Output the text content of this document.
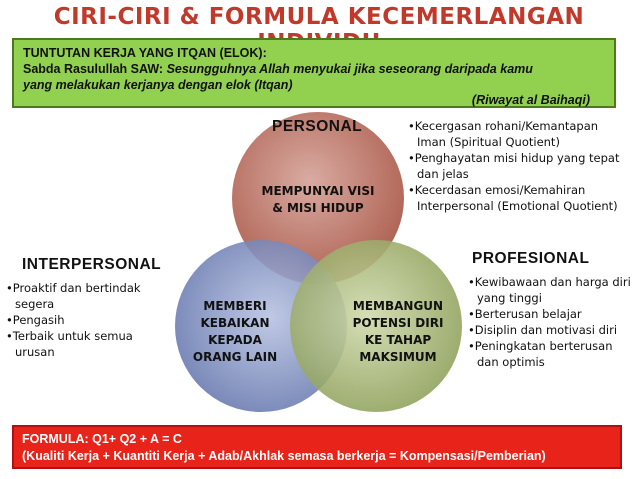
CIRI-CIRI & FORMULA KECEMERLANGAN
TUNTUTAN KERJA YANG ITQAN (ELOK):
Sabda Rasulullah SAW: Sesungguhnya Allah menyukai jika seseorang daripada kamu
yang melakukan kerjanya dengan elok (Itqan)
(Riwayat al Baihaqi)
MEMPUNYAI VISI
& MISI HIDUP
MEMBERI
KEBAIKAN
KEPADA
ORANG LAIN
MEMBANGUN
POTENSI DIRI
KE TAHAP
MAKSIMUM
PERSONAL
INTERPERSONAL	PROFESIONAL
• Kecergasan rohani/Kemantapan Iman (Spiritual Quotient)
• Penghayatan misi hidup yang tepat dan jelas
• Kecerdasan emosi/Kemahiran Interpersonal (Emotional Quotient)
• Proaktif dan bertindak segera
• Pengasih
• Terbaik untuk semua urusan
• Kewibawaan dan harga diri yang tinggi
• Berterusan belajar
• Disiplin dan motivasi diri
• Peningkatan berterusan dan optimis
FORMULA: Q1+ Q2 + A = C
(Kualiti Kerja + Kuantiti Kerja + Adab/Akhlak semasa berkerja = Kompensasi/Pemberian)
